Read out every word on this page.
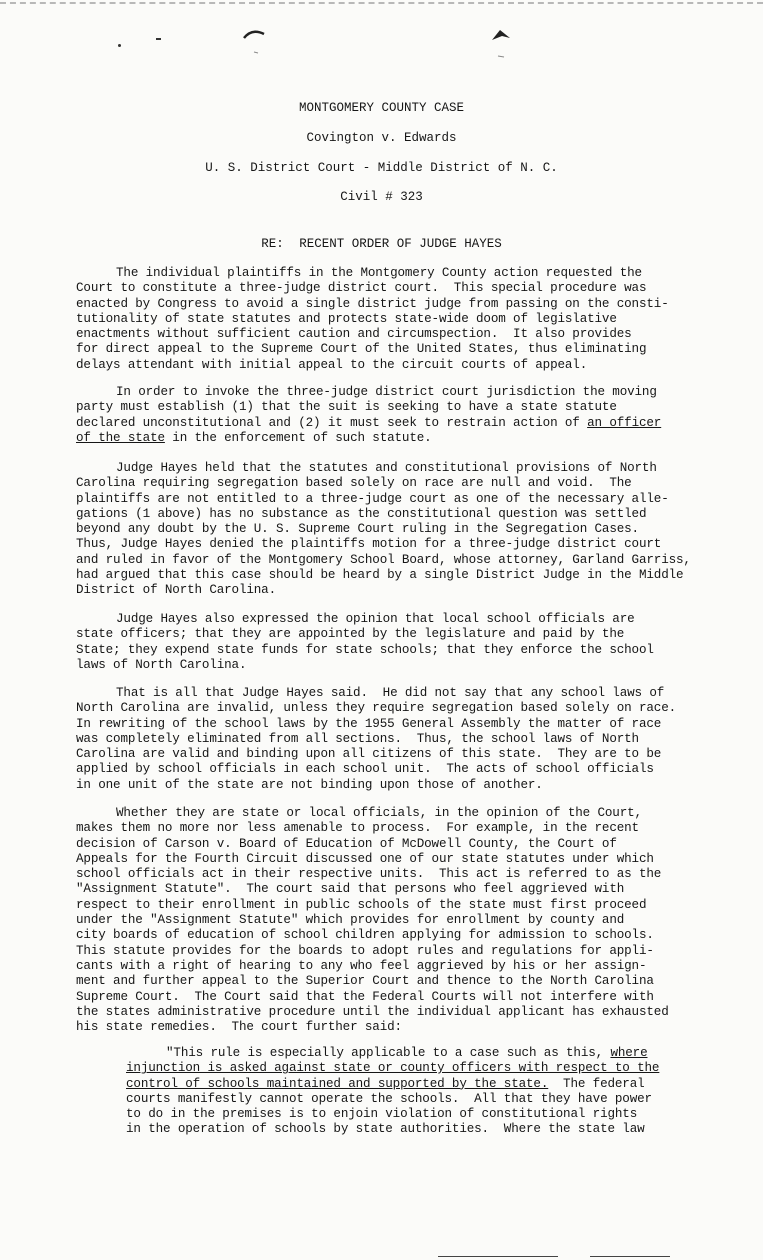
MONTGOMERY COUNTY CASE
Covington v. Edwards
U. S. District Court - Middle District of N. C.
Civil # 323
RE: RECENT ORDER OF JUDGE HAYES
The individual plaintiffs in the Montgomery County action requested the
Court to constitute a three-judge district court.  This special procedure was
enacted by Congress to avoid a single district judge from passing on the consti-
tutionality of state statutes and protects state-wide doom of legislative
enactments without sufficient caution and circumspection.  It also provides
for direct appeal to the Supreme Court of the United States, thus eliminating
delays attendant with initial appeal to the circuit courts of appeal.
In order to invoke the three-judge district court jurisdiction the moving
party must establish (1) that the suit is seeking to have a state statute
declared unconstitutional and (2) it must seek to restrain action of an officer
of the state in the enforcement of such statute.
Judge Hayes held that the statutes and constitutional provisions of North
Carolina requiring segregation based solely on race are null and void.  The
plaintiffs are not entitled to a three-judge court as one of the necessary alle-
gations (1 above) has no substance as the constitutional question was settled
beyond any doubt by the U. S. Supreme Court ruling in the Segregation Cases.
Thus, Judge Hayes denied the plaintiffs motion for a three-judge district court
and ruled in favor of the Montgomery School Board, whose attorney, Garland Garriss,
had argued that this case should be heard by a single District Judge in the Middle
District of North Carolina.
Judge Hayes also expressed the opinion that local school officials are
state officers; that they are appointed by the legislature and paid by the
State; they expend state funds for state schools; that they enforce the school
laws of North Carolina.
That is all that Judge Hayes said.  He did not say that any school laws of
North Carolina are invalid, unless they require segregation based solely on race.
In rewriting of the school laws by the 1955 General Assembly the matter of race
was completely eliminated from all sections.  Thus, the school laws of North
Carolina are valid and binding upon all citizens of this state.  They are to be
applied by school officials in each school unit.  The acts of school officials
in one unit of the state are not binding upon those of another.
Whether they are state or local officials, in the opinion of the Court,
makes them no more nor less amenable to process.  For example, in the recent
decision of Carson v. Board of Education of McDowell County, the Court of
Appeals for the Fourth Circuit discussed one of our state statutes under which
school officials act in their respective units.  This act is referred to as the
"Assignment Statute".  The court said that persons who feel aggrieved with
respect to their enrollment in public schools of the state must first proceed
under the "Assignment Statute" which provides for enrollment by county and
city boards of education of school children applying for admission to schools.
This statute provides for the boards to adopt rules and regulations for appli-
cants with a right of hearing to any who feel aggrieved by his or her assign-
ment and further appeal to the Superior Court and thence to the North Carolina
Supreme Court.  The Court said that the Federal Courts will not interfere with
the states administrative procedure until the individual applicant has exhausted
his state remedies.  The court further said:
"This rule is especially applicable to a case such as this, where
injunction is asked against state or county officers with respect to the
control of schools maintained and supported by the state.  The federal
courts manifestly cannot operate the schools.  All that they have power
to do in the premises is to enjoin violation of constitutional rights
in the operation of schools by state authorities.  Where the state law
